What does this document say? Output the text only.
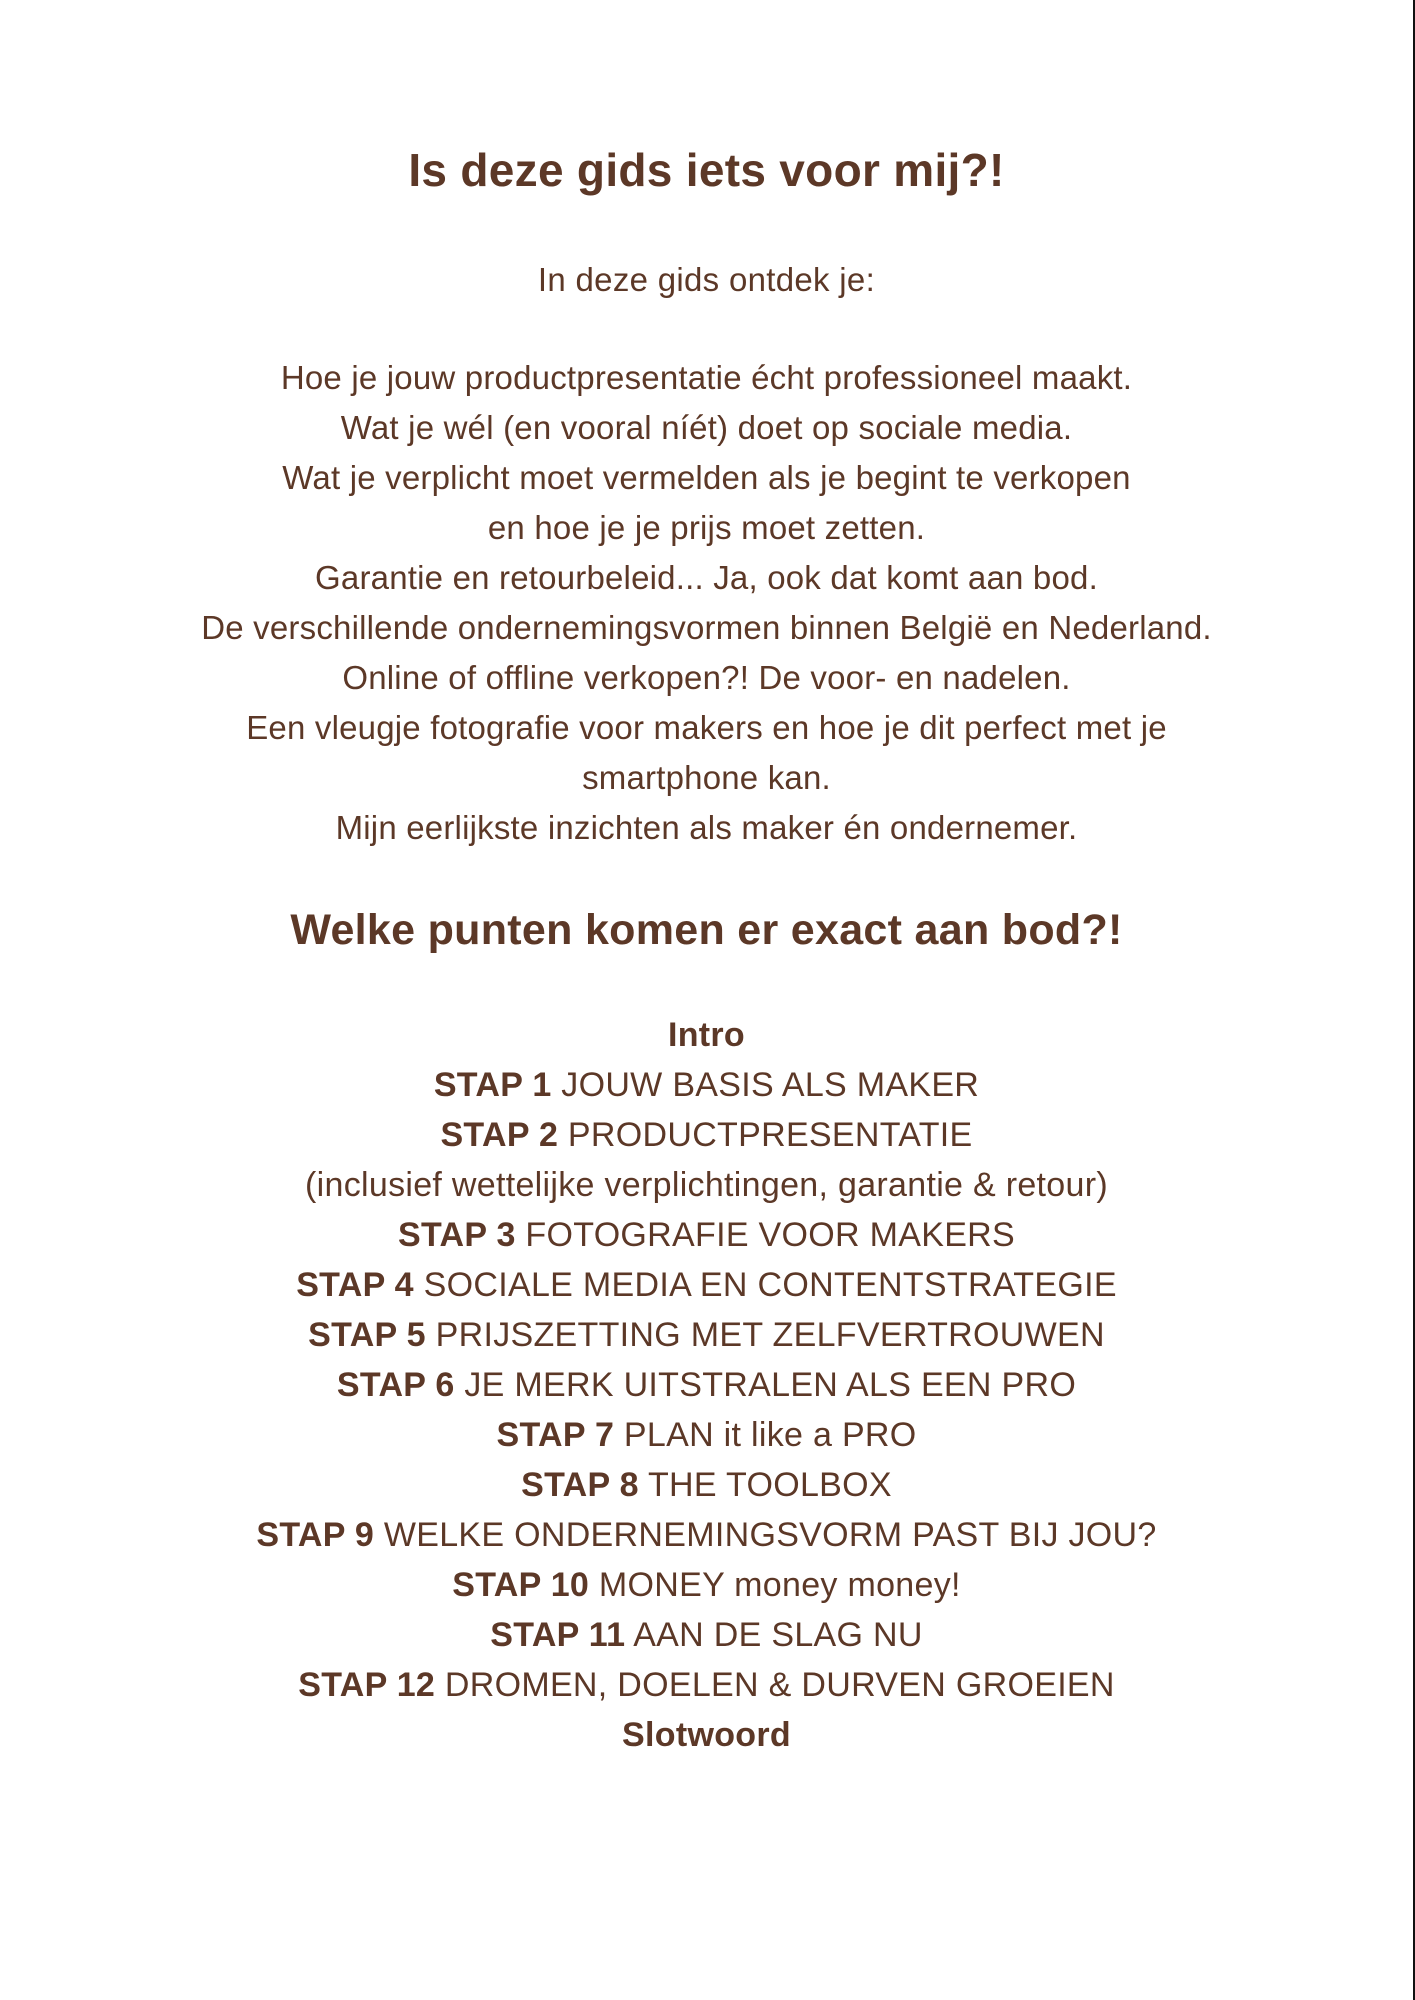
Is deze gids iets voor mij?!
In deze gids ontdek je:
Hoe je jouw productpresentatie écht professioneel maakt.
Wat je wél (en vooral níét) doet op sociale media.
Wat je verplicht moet vermelden als je begint te verkopen
en hoe je je prijs moet zetten.
Garantie en retourbeleid... Ja, ook dat komt aan bod.
De verschillende ondernemingsvormen binnen België en Nederland.
Online of offline verkopen?! De voor- en nadelen.
Een vleugje fotografie voor makers en hoe je dit perfect met je
smartphone kan.
Mijn eerlijkste inzichten als maker én ondernemer.
Welke punten komen er exact aan bod?!
Intro
STAP 1 JOUW BASIS ALS MAKER
STAP 2 PRODUCTPRESENTATIE
(inclusief wettelijke verplichtingen, garantie & retour)
STAP 3 FOTOGRAFIE VOOR MAKERS
STAP 4 SOCIALE MEDIA EN CONTENTSTRATEGIE
STAP 5 PRIJSZETTING MET ZELFVERTROUWEN
STAP 6 JE MERK UITSTRALEN ALS EEN PRO
STAP 7 PLAN it like a PRO
STAP 8 THE TOOLBOX
STAP 9 WELKE ONDERNEMINGSVORM PAST BIJ JOU?
STAP 10 MONEY money money!
STAP 11 AAN DE SLAG NU
STAP 12 DROMEN, DOELEN & DURVEN GROEIEN
Slotwoord
